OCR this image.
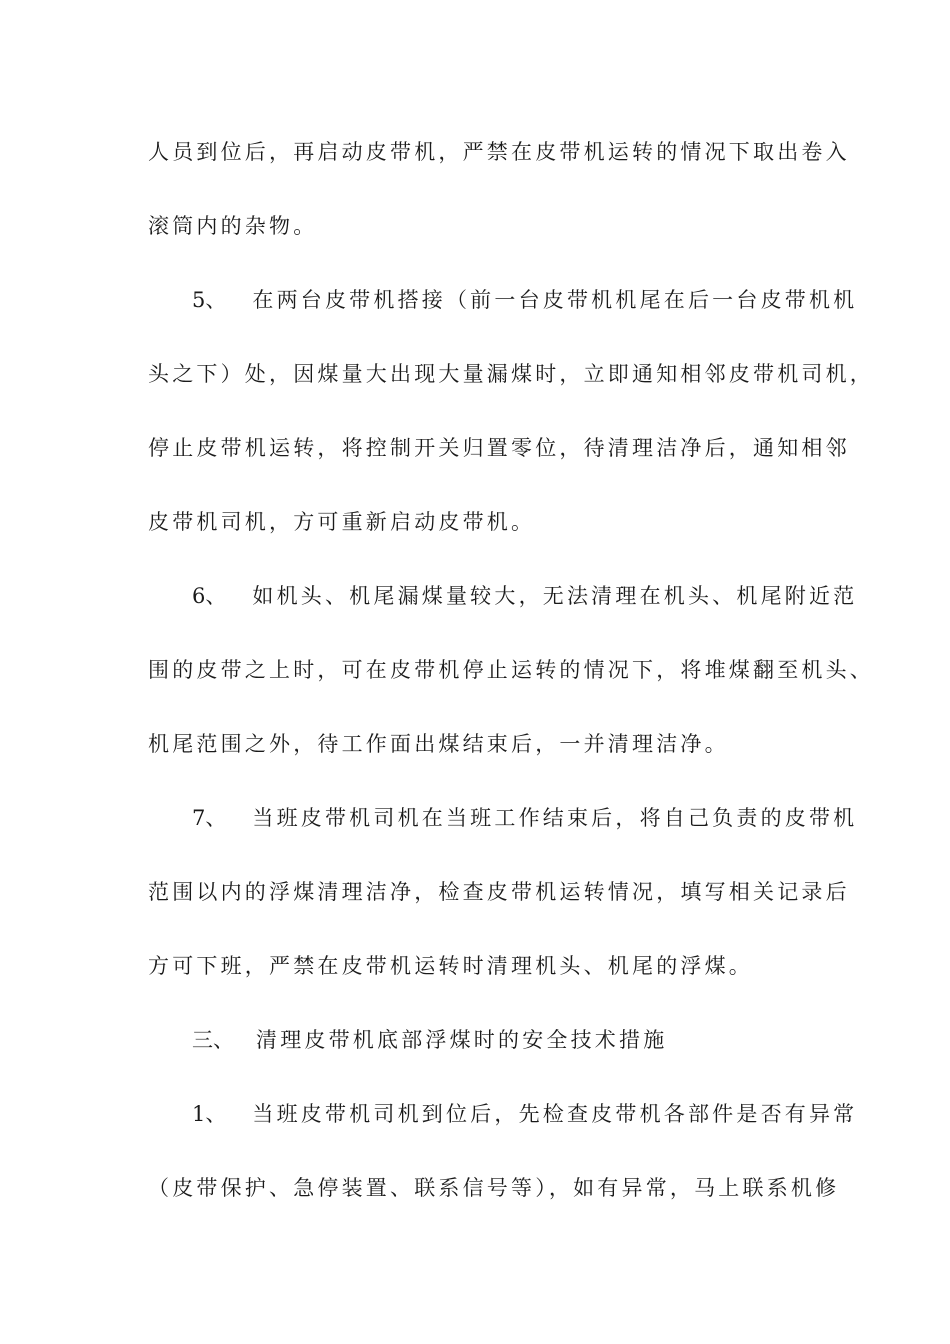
人员到位后，再启动皮带机，严禁在皮带机运转的情况下取出卷入
滚筒内的杂物。
5、 在两台皮带机搭接（前一台皮带机机尾在后一台皮带机机
头之下）处，因煤量大出现大量漏煤时，立即通知相邻皮带机司机，
停止皮带机运转，将控制开关归置零位，待清理洁净后，通知相邻
皮带机司机，方可重新启动皮带机。
6、 如机头、机尾漏煤量较大，无法清理在机头、机尾附近范
围的皮带之上时，可在皮带机停止运转的情况下，将堆煤翻至机头、
机尾范围之外，待工作面出煤结束后，一并清理洁净。
7、 当班皮带机司机在当班工作结束后，将自己负责的皮带机
范围以内的浮煤清理洁净，检查皮带机运转情况，填写相关记录后
方可下班，严禁在皮带机运转时清理机头、机尾的浮煤。
三、 清理皮带机底部浮煤时的安全技术措施
1、 当班皮带机司机到位后，先检查皮带机各部件是否有异常
（皮带保护、急停装置、联系信号等），如有异常，马上联系机修
